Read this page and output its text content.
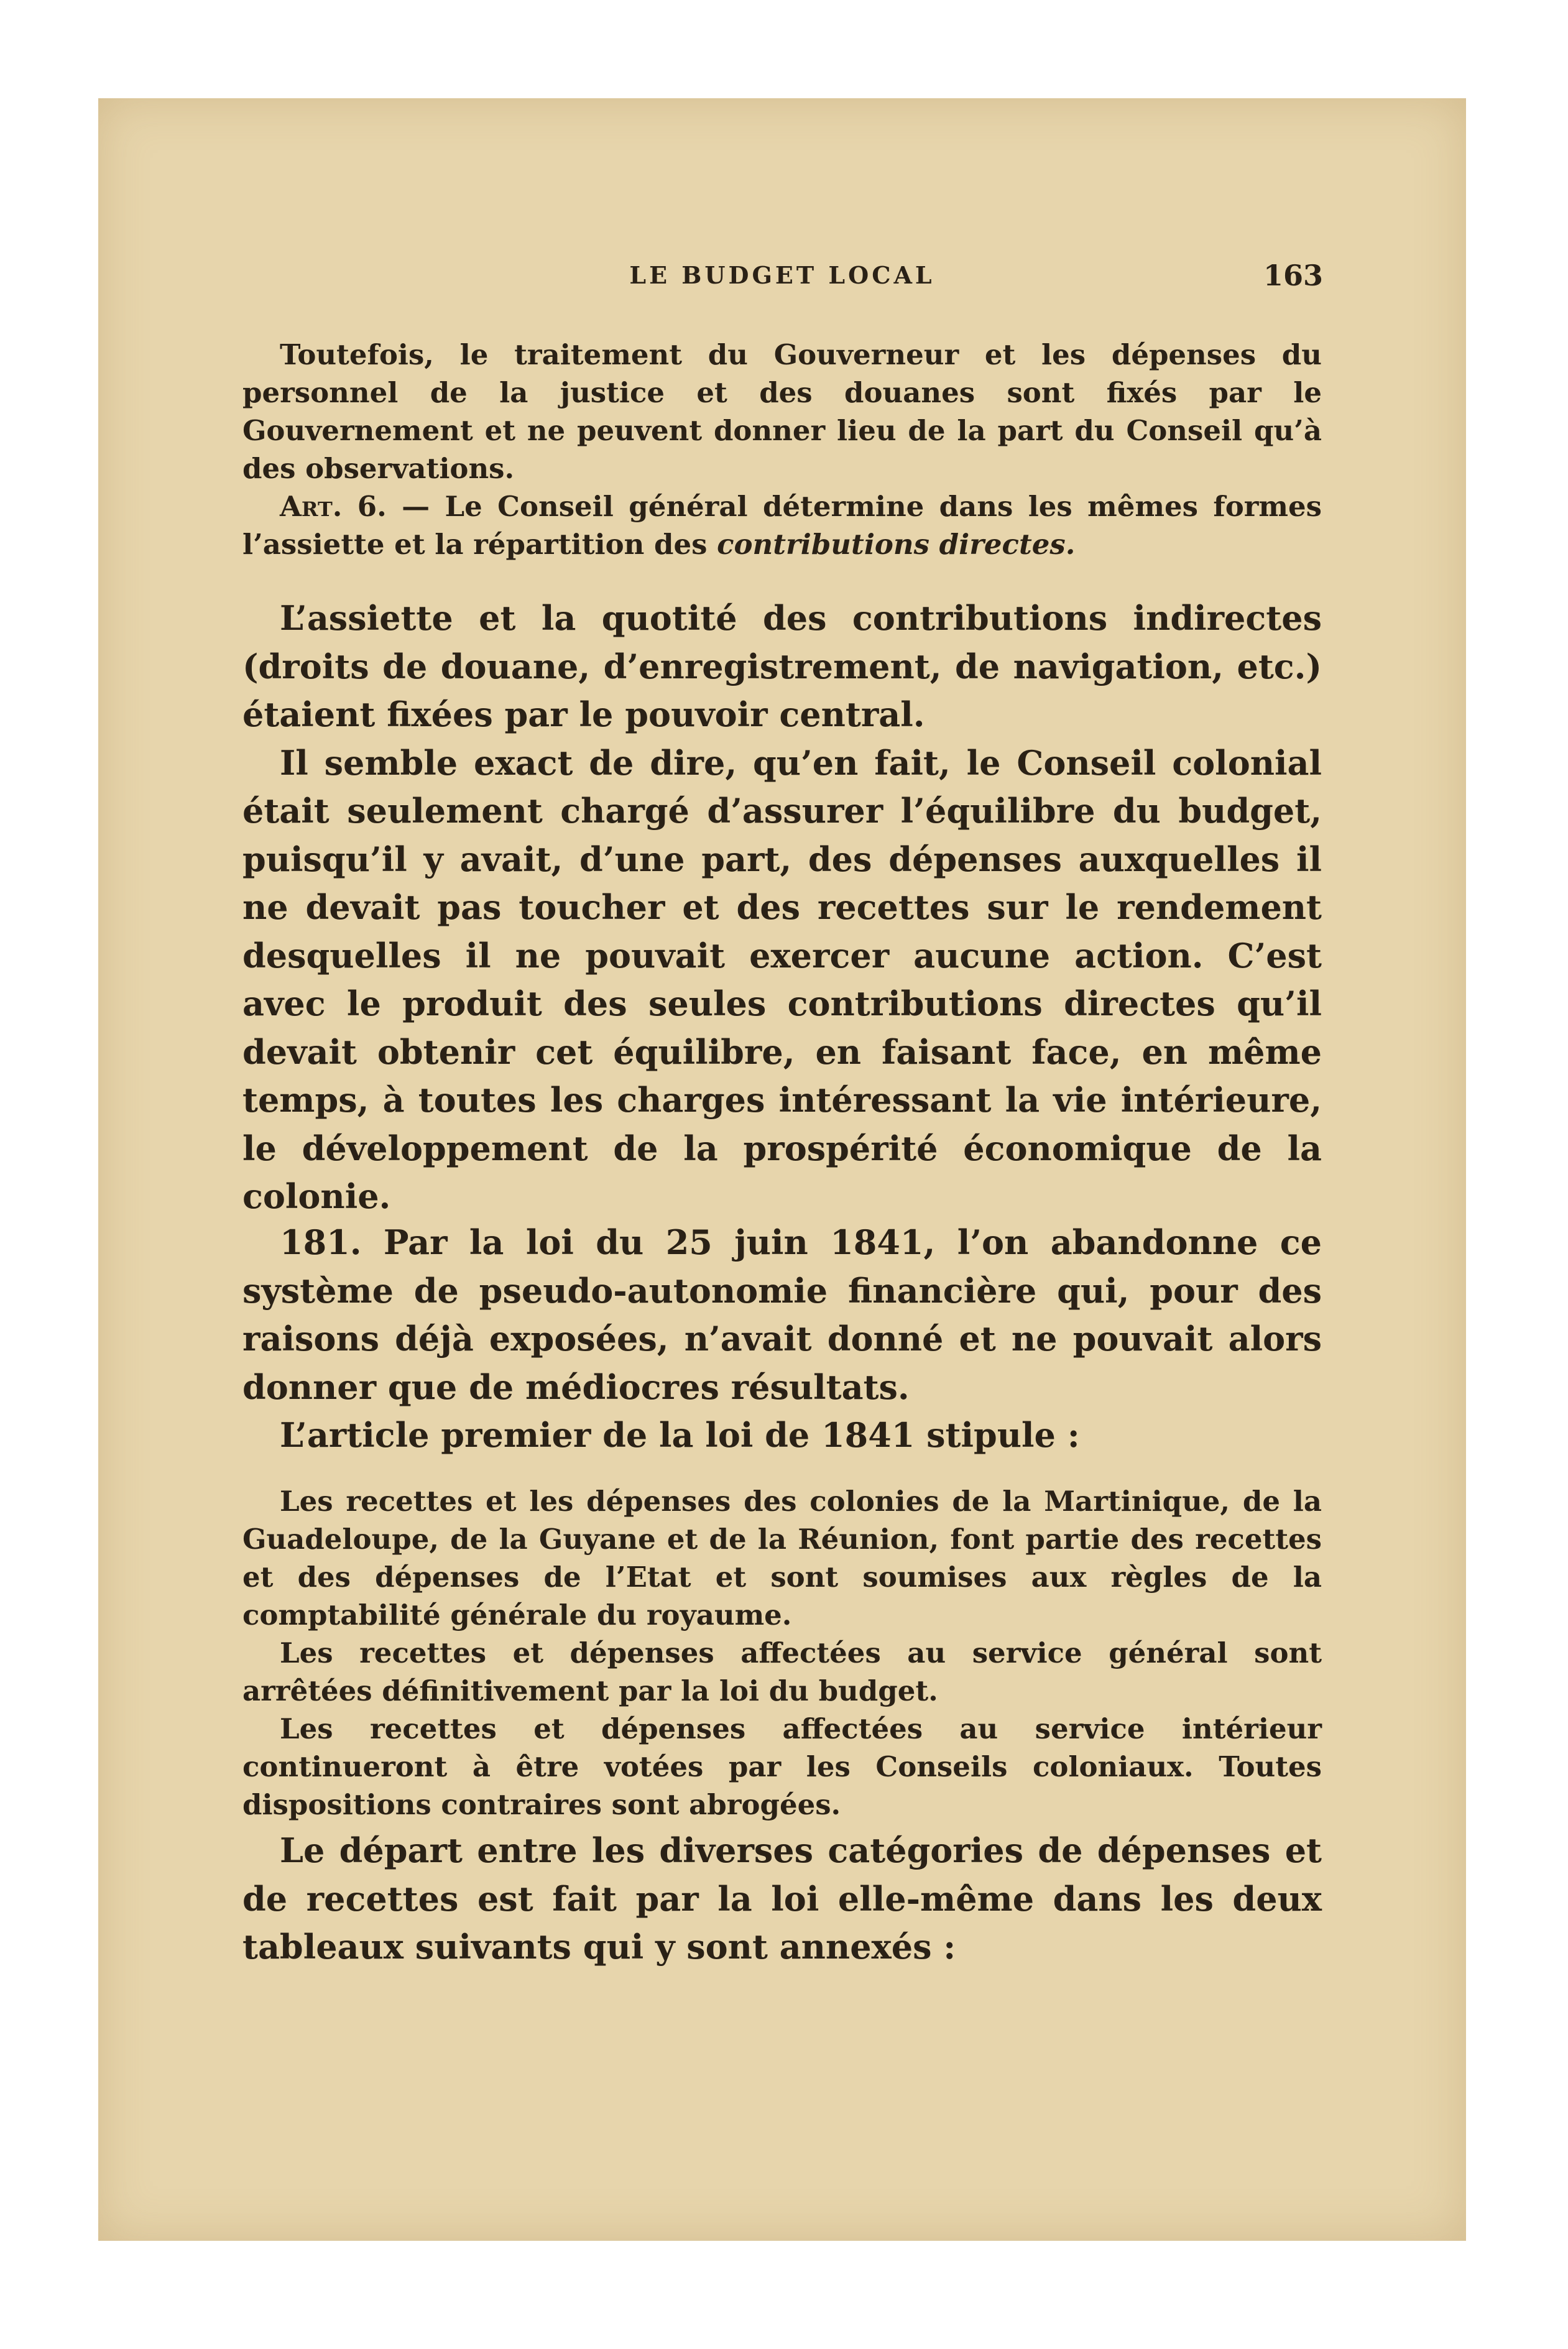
LE BUDGET LOCAL	163

Toutefois, le traitement du Gouverneur et les dépenses du personnel de la justice et des douanes sont fixés par le Gouvernement et ne peuvent donner lieu de la part du Conseil qu’à des observations.

Art. 6. — Le Conseil général détermine dans les mêmes formes l’assiette et la répartition des contributions directes.

L’assiette et la quotité des contributions indirectes (droits de douane, d’enregistrement, de navigation, etc.) étaient fixées par le pouvoir central.

Il semble exact de dire, qu’en fait, le Conseil colonial était seulement chargé d’assurer l’équilibre du budget, puisqu’il y avait, d’une part, des dépenses auxquelles il ne devait pas toucher et des recettes sur le rendement desquelles il ne pouvait exercer aucune action. C’est avec le produit des seules contributions directes qu’il devait obtenir cet équilibre, en faisant face, en même temps, à toutes les charges intéressant la vie intérieure, le développement de la prospérité économique de la colonie.

181. Par la loi du 25 juin 1841, l’on abandonne ce système de pseudo-autonomie financière qui, pour des raisons déjà exposées, n’avait donné et ne pouvait alors donner que de médiocres résultats.

L’article premier de la loi de 1841 stipule :

Les recettes et les dépenses des colonies de la Martinique, de la Guadeloupe, de la Guyane et de la Réunion, font partie des recettes et des dépenses de l’Etat et sont soumises aux règles de la comptabilité générale du royaume.

Les recettes et dépenses affectées au service général sont arrêtées définitivement par la loi du budget.

Les recettes et dépenses affectées au service intérieur continueront à être votées par les Conseils coloniaux. Toutes dispositions contraires sont abrogées.

Le départ entre les diverses catégories de dépenses et de recettes est fait par la loi elle-même dans les deux tableaux suivants qui y sont annexés :
